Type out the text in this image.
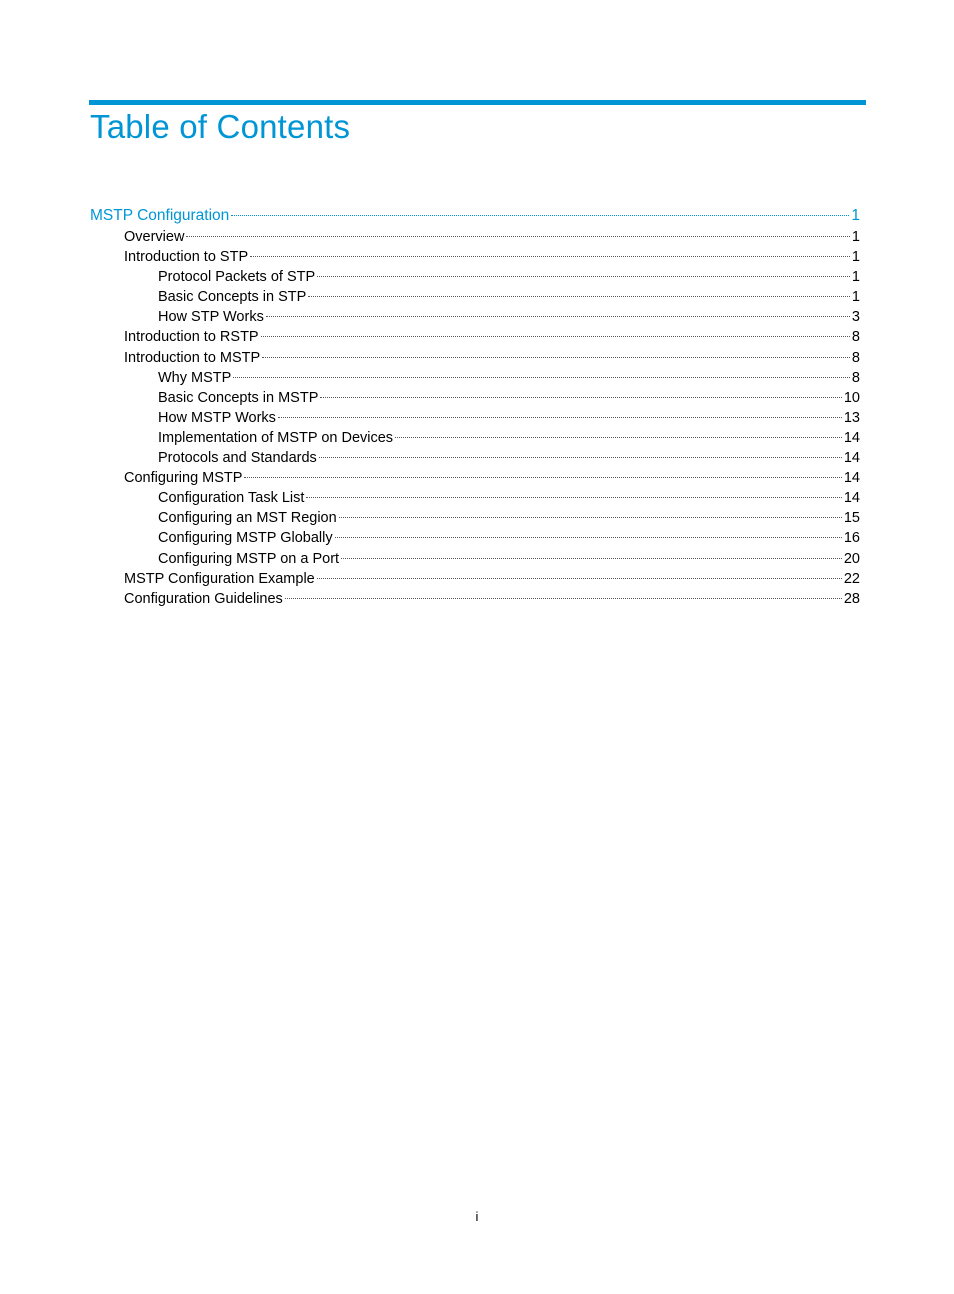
Table of Contents
MSTP Configuration	1
Overview	1
Introduction to STP	1
Protocol Packets of STP	1
Basic Concepts in STP	1
How STP Works	3
Introduction to RSTP	8
Introduction to MSTP	8
Why MSTP	8
Basic Concepts in MSTP	10
How MSTP Works	13
Implementation of MSTP on Devices	14
Protocols and Standards	14
Configuring MSTP	14
Configuration Task List	14
Configuring an MST Region	15
Configuring MSTP Globally	16
Configuring MSTP on a Port	20
MSTP Configuration Example	22
Configuration Guidelines	28
i
